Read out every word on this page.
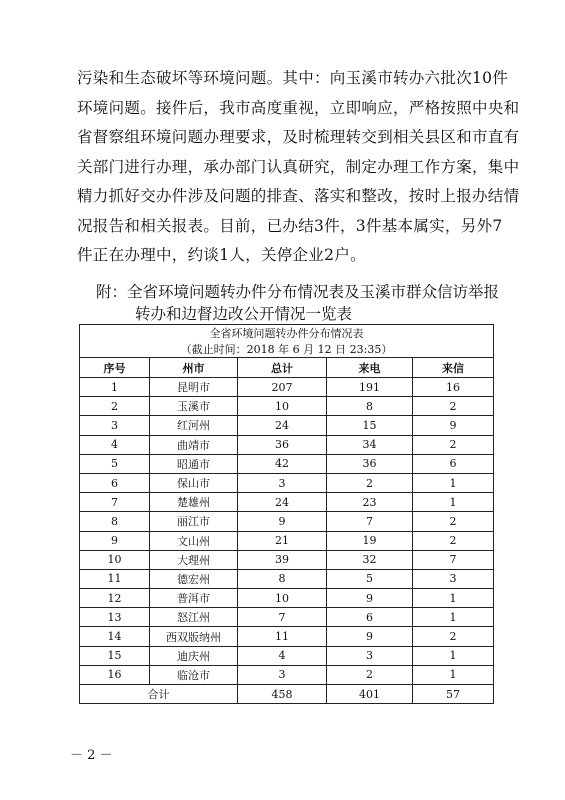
污染和生态破坏等环境问题。其中：向玉溪市转办六批次10件

环境问题。接件后，我市高度重视，立即响应，严格按照中央和

省督察组环境问题办理要求，及时梳理转交到相关县区和市直有

关部门进行办理，承办部门认真研究，制定办理工作方案，集中

精力抓好交办件涉及问题的排查、落实和整改，按时上报办结情

况报告和相关报表。目前，已办结3件，3件基本属实，另外7

件正在办理中，约谈1人，关停企业2户。

附：全省环境问题转办件分布情况表及玉溪市群众信访举报

转办和边督边改公开情况一览表

全省环境问题转办件分布情况表				
（截止时间：2018 年 6 月 12 日 23:35）				
序号	州市	总计	来电	来信
1	昆明市	207	191	16
2	玉溪市	10	8	2
3	红河州	24	15	9
4	曲靖市	36	34	2
5	昭通市	42	36	6
6	保山市	3	2	1
7	楚雄州	24	23	1
8	丽江市	9	7	2
9	文山州	21	19	2
10	大理州	39	32	7
11	德宏州	8	5	3
12	普洱市	10	9	1
13	怒江州	7	6	1
14	西双版纳州	11	9	2
15	迪庆州	4	3	1
16	临沧市	3	2	1
合计		458	401	57
－ 2 －
